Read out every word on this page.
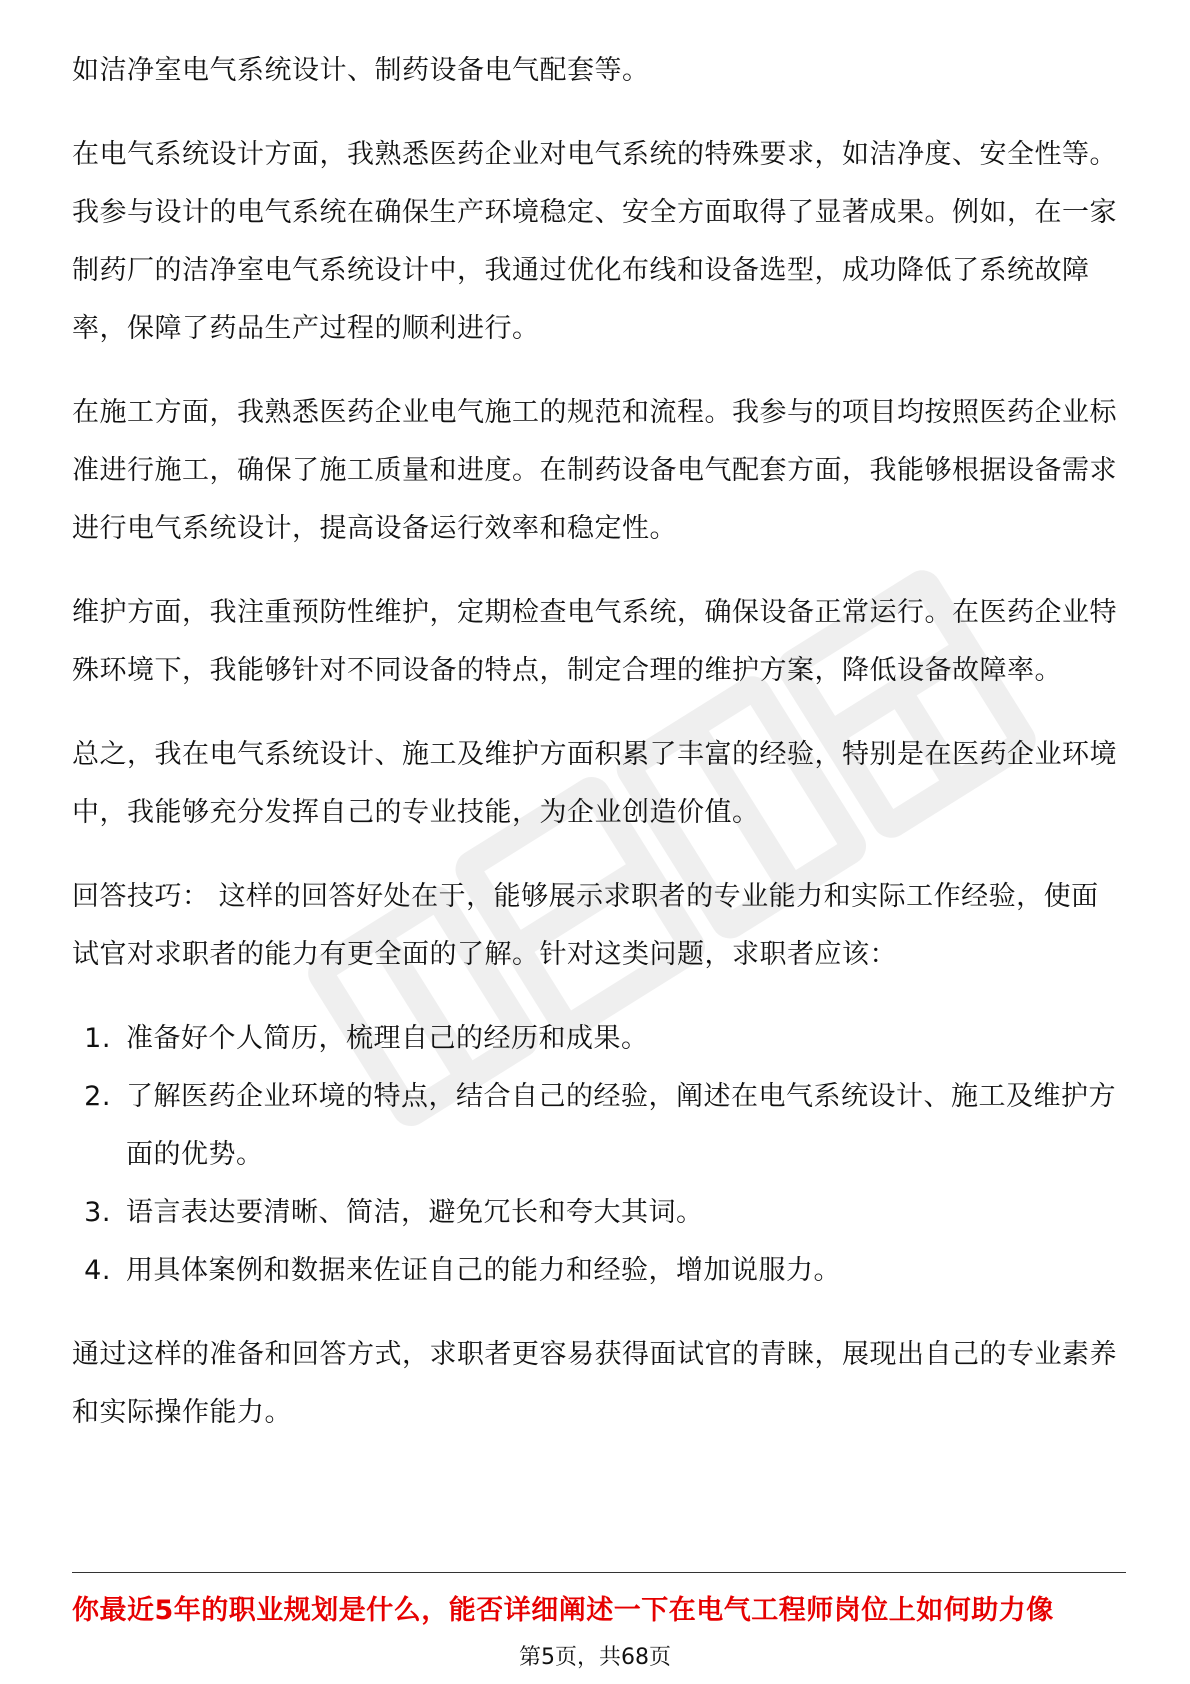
如洁净室电气系统设计、制药设备电气配套等。

在电气系统设计方面，我熟悉医药企业对电气系统的特殊要求，如洁净度、安全性等。我参与设计的电气系统在确保生产环境稳定、安全方面取得了显著成果。例如，在一家制药厂的洁净室电气系统设计中，我通过优化布线和设备选型，成功降低了系统故障率，保障了药品生产过程的顺利进行。

在施工方面，我熟悉医药企业电气施工的规范和流程。我参与的项目均按照医药企业标准进行施工，确保了施工质量和进度。在制药设备电气配套方面，我能够根据设备需求进行电气系统设计，提高设备运行效率和稳定性。

维护方面，我注重预防性维护，定期检查电气系统，确保设备正常运行。在医药企业特殊环境下，我能够针对不同设备的特点，制定合理的维护方案，降低设备故障率。

总之，我在电气系统设计、施工及维护方面积累了丰富的经验，特别是在医药企业环境中，我能够充分发挥自己的专业技能，为企业创造价值。

回答技巧： 这样的回答好处在于，能够展示求职者的专业能力和实际工作经验，使面试官对求职者的能力有更全面的了解。针对这类问题，求职者应该：

1. 准备好个人简历，梳理自己的经历和成果。
2. 了解医药企业环境的特点，结合自己的经验，阐述在电气系统设计、施工及维护方面的优势。
3. 语言表达要清晰、简洁，避免冗长和夸大其词。
4. 用具体案例和数据来佐证自己的能力和经验，增加说服力。

通过这样的准备和回答方式，求职者更容易获得面试官的青睐，展现出自己的专业素养和实际操作能力。

你最近5年的职业规划是什么，能否详细阐述一下在电气工程师岗位上如何助力像
第5页，共68页
